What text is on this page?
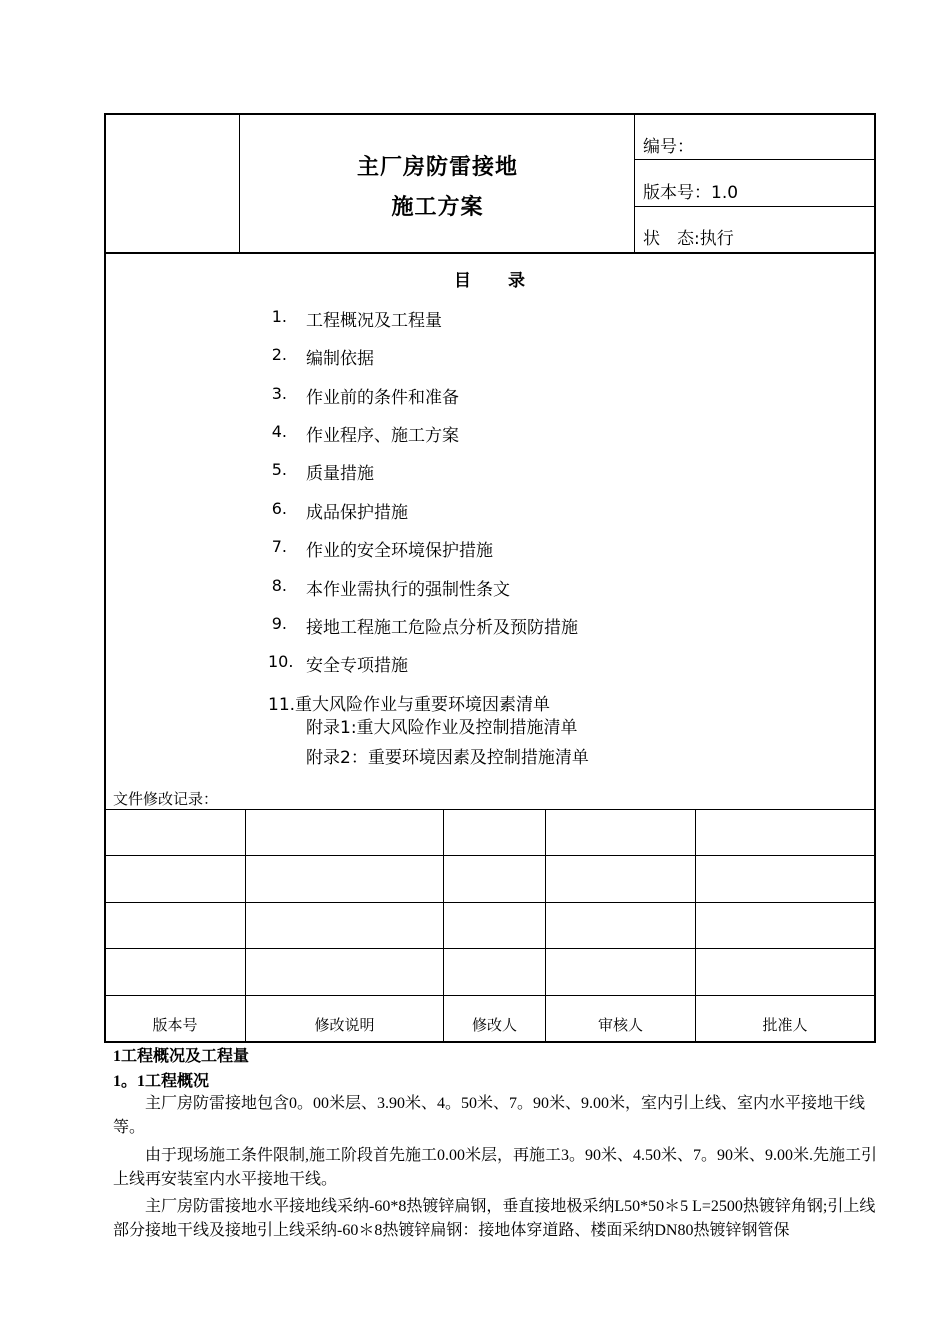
主厂房防雷接地
施工方案
编号：
版本号：1.0
状　态:执行
目　　录
1. 工程概况及工程量
2. 编制依据
3. 作业前的条件和准备
4. 作业程序、施工方案
5. 质量措施
6. 成品保护措施
7. 作业的安全环境保护措施
8. 本作业需执行的强制性条文
9. 接地工程施工危险点分析及预防措施
10. 安全专项措施
11.重大风险作业与重要环境因素清单
附录1:重大风险作业及控制措施清单
附录2：重要环境因素及控制措施清单
文件修改记录：
版本号	修改说明	修改人	审核人	批准人
1工程概况及工程量
1。1工程概况
主厂房防雷接地包含0。00米层、3.90米、4。50米、7。90米、9.00米，室内引上线、室内水平接地干线等。
由于现场施工条件限制,施工阶段首先施工0.00米层，再施工3。90米、4.50米、7。90米、9.00米.先施工引上线再安装室内水平接地干线。
主厂房防雷接地水平接地线采纳-60*8热镀锌扁钢，垂直接地极采纳L50*50＊5 L=2500热镀锌角钢;引上线部分接地干线及接地引上线采纳-60＊8热镀锌扁钢：接地体穿道路、楼面采纳DN80热镀锌钢管保
